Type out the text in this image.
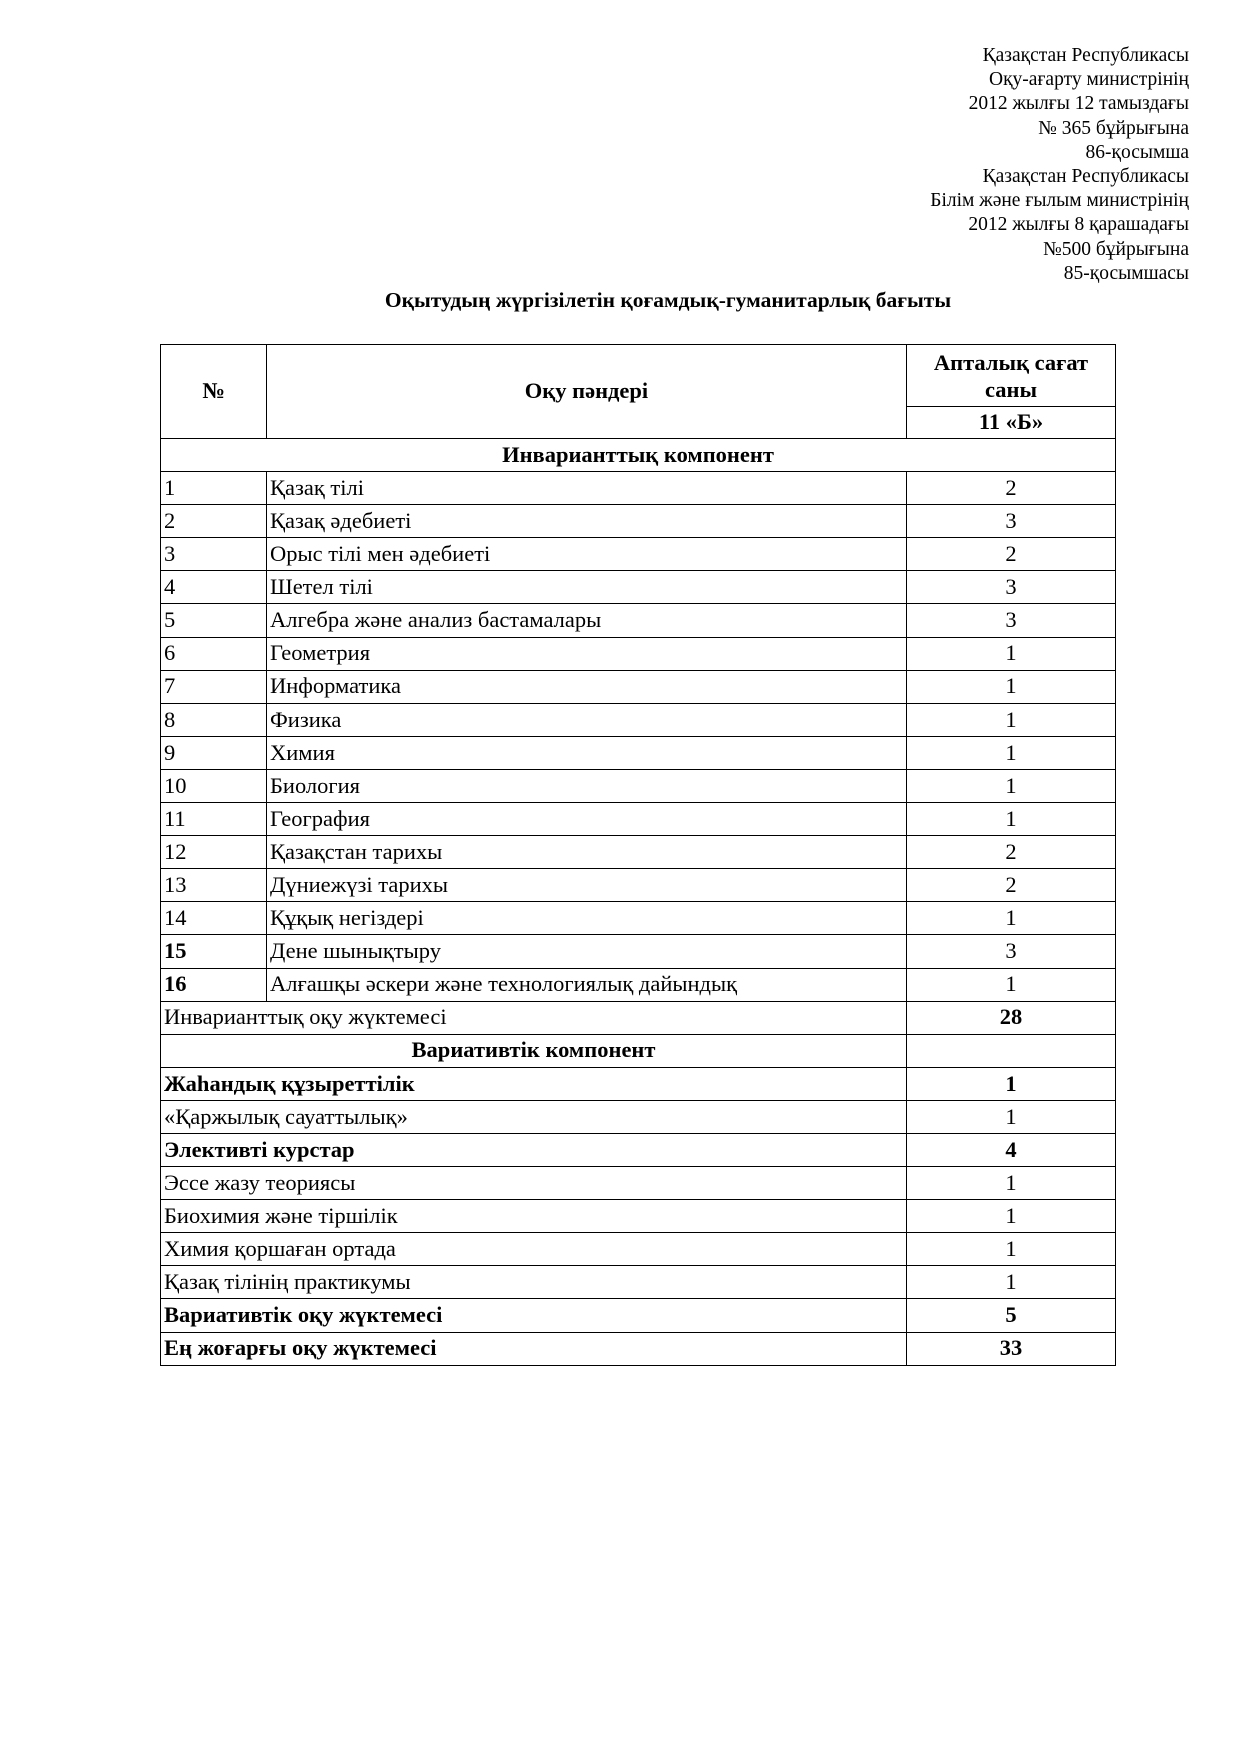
Қазақстан Республикасы
Оқу-ағарту министрінің
2012 жылғы 12 тамыздағы
№ 365 бұйрығына
86-қосымша
Қазақстан Республикасы
Білім және ғылым министрінің
2012 жылғы 8 қарашадағы
№500 бұйрығына
85-қосымшасы
Оқытудың жүргізілетін қоғамдық-гуманитарлық бағыты
№	Оқу пәндері	Апталық сағат саны
		11 «Б»
Инварианттық компонент		
1	Қазақ тілі	2
2	Қазақ әдебиеті	3
3	Орыс тілі мен әдебиеті	2
4	Шетел тілі	3
5	Алгебра және анализ бастамалары	3
6	Геометрия	1
7	Информатика	1
8	Физика	1
9	Химия	1
10	Биология	1
11	География	1
12	Қазақстан тарихы	2
13	Дүниежүзі тарихы	2
14	Құқық негіздері	1
15	Дене шынықтыру	3
16	Алғашқы әскери және технологиялық дайындық	1
Инварианттық оқу жүктемесі		28
Вариативтік компонент		
Жаһандық құзыреттілік		1
«Қаржылық сауаттылық»		1
Элективті курстар		4
Эссе жазу теориясы		1
Биохимия және тіршілік		1
Химия қоршаған ортада		1
Қазақ тілінің практикумы		1
Вариативтік оқу жүктемесі		5
Ең жоғарғы оқу жүктемесі		33
